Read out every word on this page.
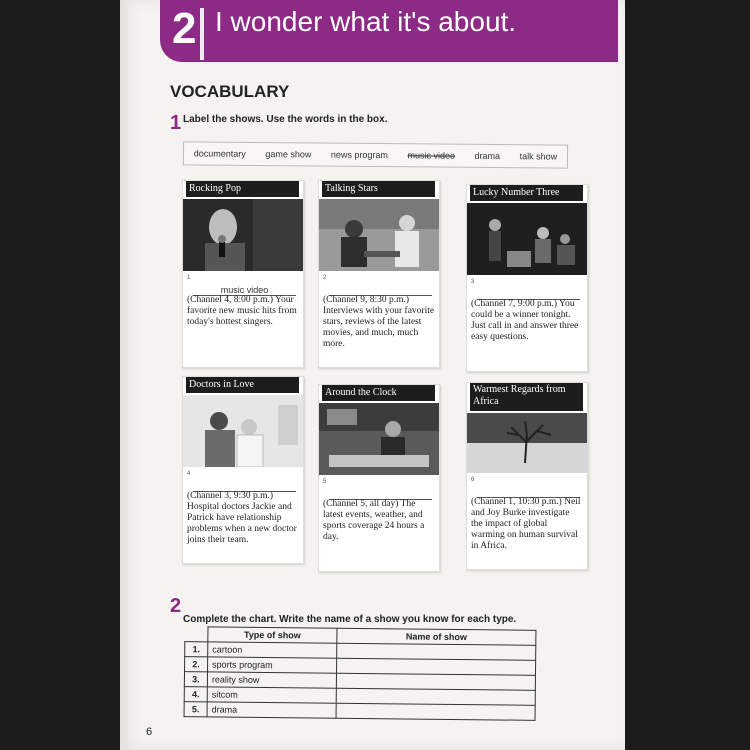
2 I wonder what it's about.
VOCABULARY
1 Label the shows. Use the words in the box.
documentary game show news program music video drama talk show
Rocking Pop
1
music video
(Channel 4, 8:00 p.m.) Your favorite new music hits from today's hottest singers.
Talking Stars
2
(Channel 9, 8:30 p.m.) Interviews with your favorite stars, reviews of the latest movies, and much, much more.
Lucky Number Three
3
(Channel 7, 9:00 p.m.) You could be a winner tonight. Just call in and answer three easy questions.
Doctors in Love
4
(Channel 3, 9:30 p.m.) Hospital doctors Jackie and Patrick have relationship problems when a new doctor joins their team.
Around the Clock
5
(Channel 5, all day) The latest events, weather, and sports coverage 24 hours a day.
Warmest Regards from Africa
6
(Channel 1, 10:30 p.m.) Neil and Joy Burke investigate the impact of global warming on human survival in Africa.
2
Complete the chart. Write the name of a show you know for each type.
	Type of show	Name of show
1.	cartoon	
2.	sports program	
3.	reality show	
4.	sitcom	
5.	drama	
6
